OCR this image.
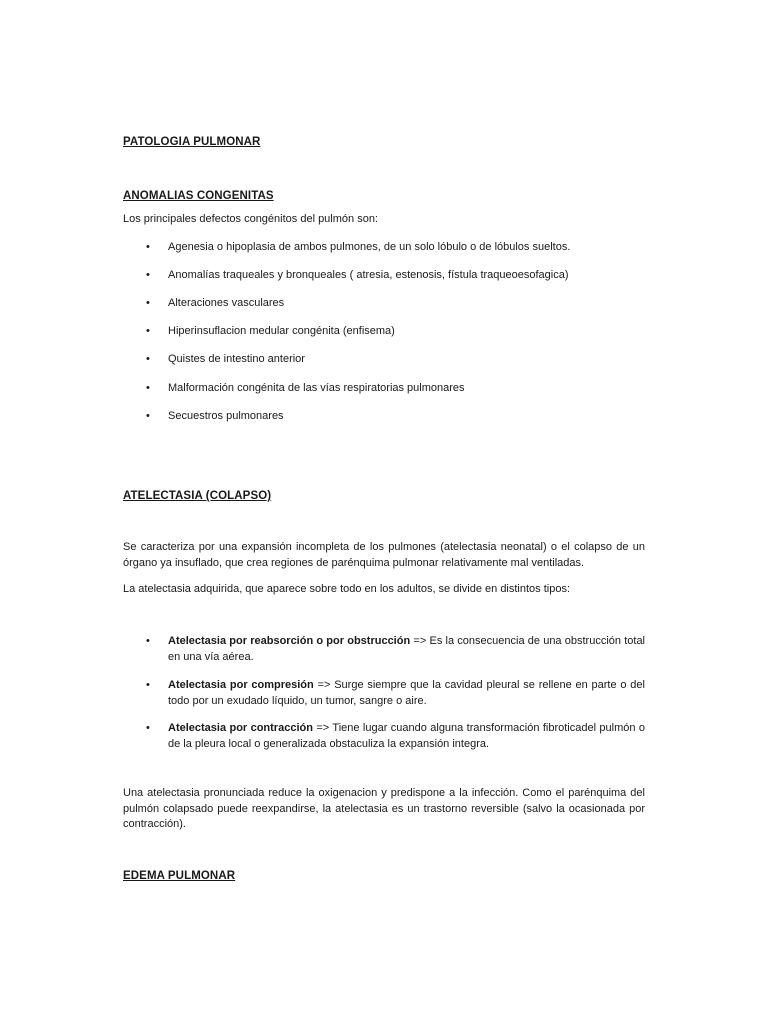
PATOLOGIA PULMONAR
ANOMALIAS CONGENITAS
Los principales defectos congénitos del pulmón son:
• Agenesia o hipoplasia de ambos pulmones, de un solo lóbulo o de lóbulos sueltos.
• Anomalías traqueales y bronqueales ( atresia, estenosis, fístula traqueoesofagica)
• Alteraciones vasculares
• Hiperinsuflacion medular congénita (enfisema)
• Quistes de intestino anterior
• Malformación congénita de las vías respiratorias pulmonares
• Secuestros pulmonares
ATELECTASIA (COLAPSO)
Se caracteriza por una expansión incompleta de los pulmones (atelectasia neonatal) o el colapso de un órgano ya insuflado, que crea regiones de parénquima pulmonar relativamente mal ventiladas.
La atelectasia adquirida, que aparece sobre todo en los adultos, se divide en distintos tipos:
• Atelectasia por reabsorción o por obstrucción => Es la consecuencia de una obstrucción total en una vía aérea.
• Atelectasia por compresión => Surge siempre que la cavidad pleural se rellene en parte o del todo por un exudado líquido, un tumor, sangre o aire.
• Atelectasia por contracción => Tiene lugar cuando alguna transformación fibroticadel pulmón o de la pleura local o generalizada obstaculiza la expansión integra.
Una atelectasia pronunciada reduce la oxigenacion y predispone a la infección. Como el parénquima del pulmón colapsado puede reexpandirse, la atelectasia es un trastorno reversible (salvo la ocasionada por contracción).
EDEMA PULMONAR
